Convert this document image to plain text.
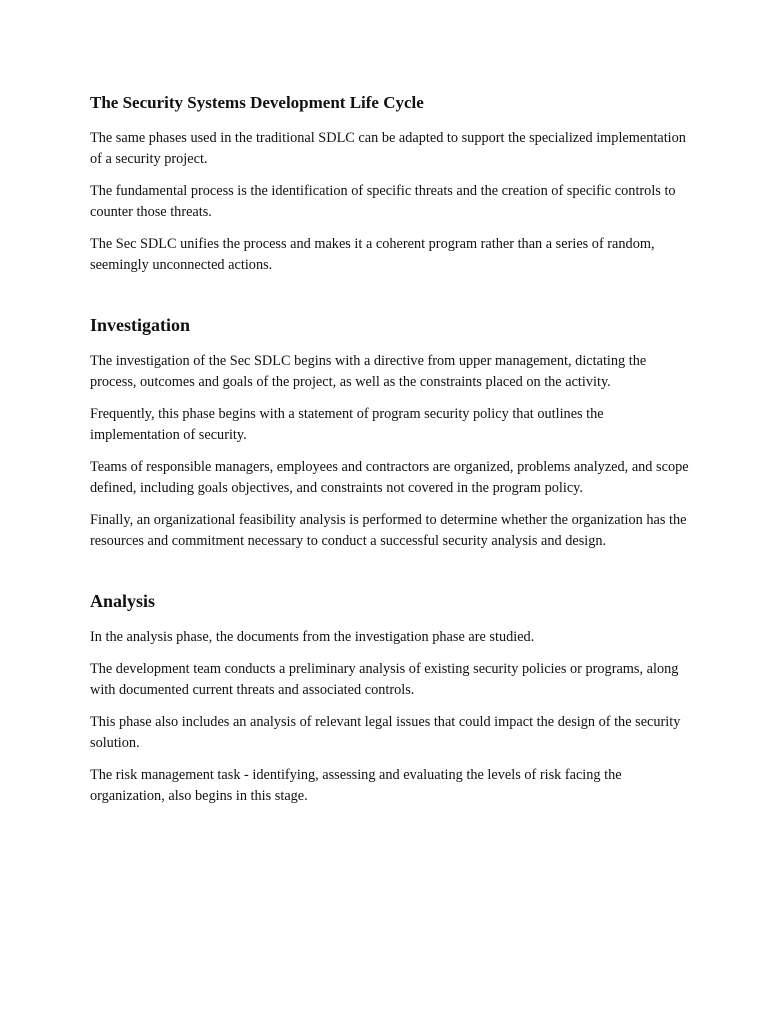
The Security Systems Development Life Cycle

The same phases used in the traditional SDLC can be adapted to support the specialized implementation of a security project.

The fundamental process is the identification of specific threats and the creation of specific controls to counter those threats.

The Sec SDLC unifies the process and makes it a coherent program rather than a series of random, seemingly unconnected actions.

Investigation

The investigation of the Sec SDLC begins with a directive from upper management, dictating the process, outcomes and goals of the project, as well as the constraints placed on the activity.

Frequently, this phase begins with a statement of program security policy that outlines the implementation of security.

Teams of responsible managers, employees and contractors are organized, problems analyzed, and scope defined, including goals objectives, and constraints not covered in the program policy.

Finally, an organizational feasibility analysis is performed to determine whether the organization has the resources and commitment necessary to conduct a successful security analysis and design.

Analysis

In the analysis phase, the documents from the investigation phase are studied.

The development team conducts a preliminary analysis of existing security policies or programs, along with documented current threats and associated controls.

This phase also includes an analysis of relevant legal issues that could impact the design of the security solution.

The risk management task - identifying, assessing and evaluating the levels of risk facing the organization, also begins in this stage.
